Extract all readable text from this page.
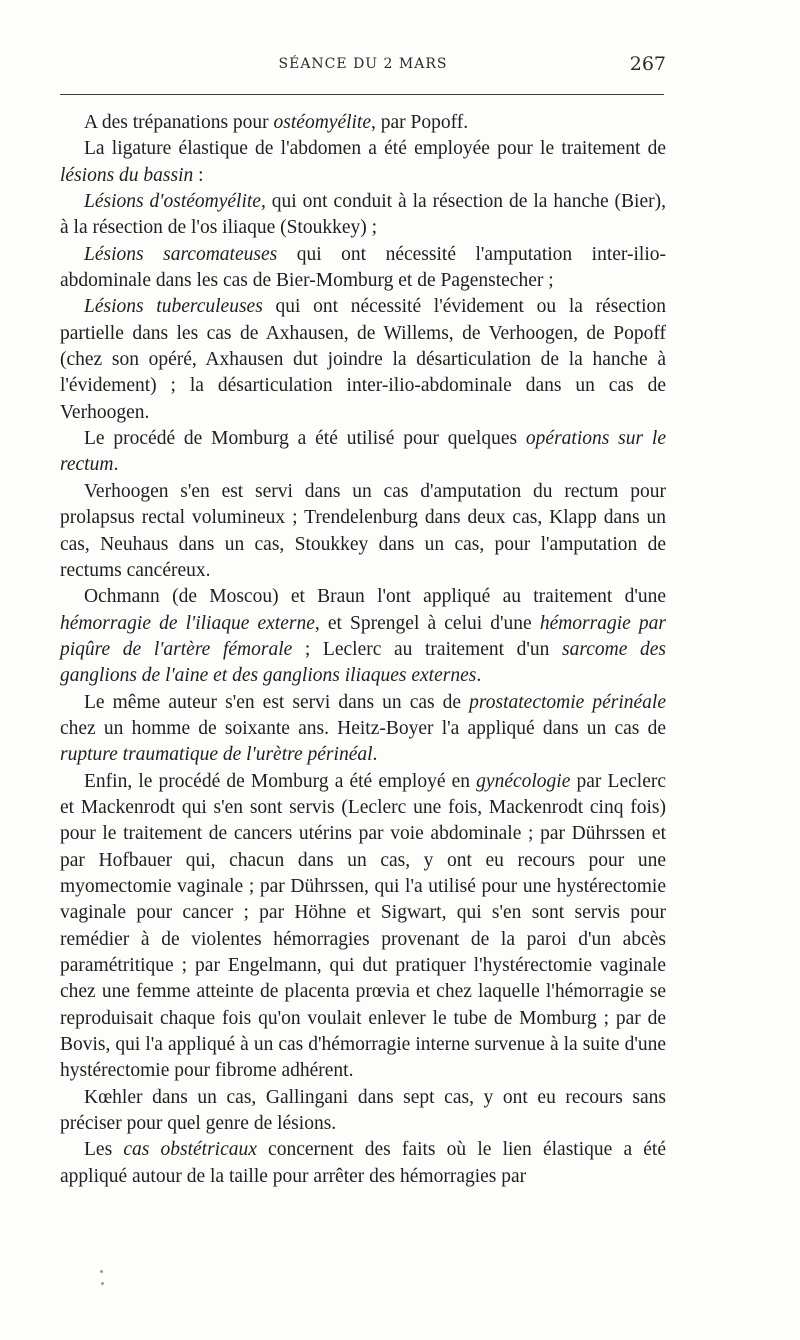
SÉANCE DU 2 MARS	267

A des trépanations pour ostéomyélite, par Popoff.

La ligature élastique de l'abdomen a été employée pour le traitement de lésions du bassin :

Lésions d'ostéomyélite, qui ont conduit à la résection de la hanche (Bier), à la résection de l'os iliaque (Stoukkey) ;

Lésions sarcomateuses qui ont nécessité l'amputation inter-ilio-abdominale dans les cas de Bier-Momburg et de Pagenstecher ;

Lésions tuberculeuses qui ont nécessité l'évidement ou la résection partielle dans les cas de Axhausen, de Willems, de Verhoogen, de Popoff (chez son opéré, Axhausen dut joindre la désarticulation de la hanche à l'évidement) ; la désarticulation inter-ilio-abdominale dans un cas de Verhoogen.

Le procédé de Momburg a été utilisé pour quelques opérations sur le rectum.

Verhoogen s'en est servi dans un cas d'amputation du rectum pour prolapsus rectal volumineux ; Trendelenburg dans deux cas, Klapp dans un cas, Neuhaus dans un cas, Stoukkey dans un cas, pour l'amputation de rectums cancéreux.

Ochmann (de Moscou) et Braun l'ont appliqué au traitement d'une hémorragie de l'iliaque externe, et Sprengel à celui d'une hémorragie par piqûre de l'artère fémorale ; Leclerc au traitement d'un sarcome des ganglions de l'aine et des ganglions iliaques externes.

Le même auteur s'en est servi dans un cas de prostatectomie périnéale chez un homme de soixante ans. Heitz-Boyer l'a appliqué dans un cas de rupture traumatique de l'urètre périnéal.

Enfin, le procédé de Momburg a été employé en gynécologie par Leclerc et Mackenrodt qui s'en sont servis (Leclerc une fois, Mackenrodt cinq fois) pour le traitement de cancers utérins par voie abdominale ; par Dührssen et par Hofbauer qui, chacun dans un cas, y ont eu recours pour une myomectomie vaginale ; par Dührssen, qui l'a utilisé pour une hystérectomie vaginale pour cancer ; par Höhne et Sigwart, qui s'en sont servis pour remédier à de violentes hémorragies provenant de la paroi d'un abcès paramétritique ; par Engelmann, qui dut pratiquer l'hystérectomie vaginale chez une femme atteinte de placenta prœvia et chez laquelle l'hémorragie se reproduisait chaque fois qu'on voulait enlever le tube de Momburg ; par de Bovis, qui l'a appliqué à un cas d'hémorragie interne survenue à la suite d'une hystérectomie pour fibrome adhérent.

Kœhler dans un cas, Gallingani dans sept cas, y ont eu recours sans préciser pour quel genre de lésions.

Les cas obstétricaux concernent des faits où le lien élastique a été appliqué autour de la taille pour arrêter des hémorragies par
